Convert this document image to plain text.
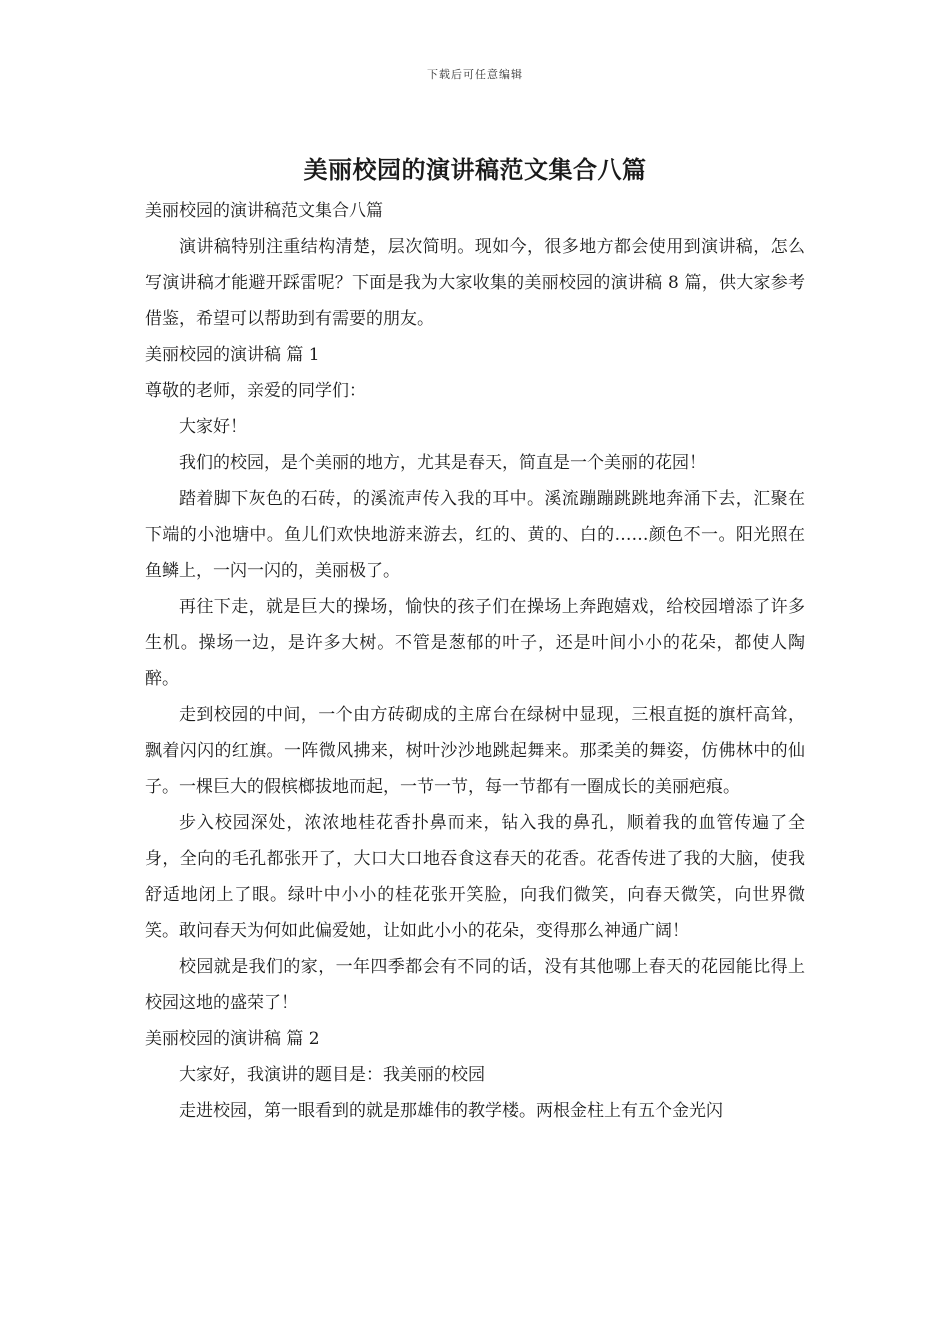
下载后可任意编辑
美丽校园的演讲稿范文集合八篇

美丽校园的演讲稿范文集合八篇

演讲稿特别注重结构清楚，层次简明。现如今，很多地方都会使用到演讲稿，怎么写演讲稿才能避开踩雷呢？下面是我为大家收集的美丽校园的演讲稿 8 篇，供大家参考借鉴，希望可以帮助到有需要的朋友。

美丽校园的演讲稿 篇 1

尊敬的老师，亲爱的同学们：

大家好！

我们的校园，是个美丽的地方，尤其是春天，简直是一个美丽的花园！

踏着脚下灰色的石砖，的溪流声传入我的耳中。溪流蹦蹦跳跳地奔涌下去，汇聚在下端的小池塘中。鱼儿们欢快地游来游去，红的、黄的、白的……颜色不一。阳光照在鱼鳞上，一闪一闪的，美丽极了。

再往下走，就是巨大的操场，愉快的孩子们在操场上奔跑嬉戏，给校园增添了许多生机。操场一边，是许多大树。不管是葱郁的叶子，还是叶间小小的花朵，都使人陶醉。

走到校园的中间，一个由方砖砌成的主席台在绿树中显现，三根直挺的旗杆高耸，飘着闪闪的红旗。一阵微风拂来，树叶沙沙地跳起舞来。那柔美的舞姿，仿佛林中的仙子。一棵巨大的假槟榔拔地而起，一节一节，每一节都有一圈成长的美丽疤痕。

步入校园深处，浓浓地桂花香扑鼻而来，钻入我的鼻孔，顺着我的血管传遍了全身，全向的毛孔都张开了，大口大口地吞食这春天的花香。花香传进了我的大脑，使我舒适地闭上了眼。绿叶中小小的桂花张开笑脸，向我们微笑，向春天微笑，向世界微笑。敢问春天为何如此偏爱她，让如此小小的花朵，变得那么神通广阔！

校园就是我们的家，一年四季都会有不同的话，没有其他哪上春天的花园能比得上校园这地的盛荣了！

美丽校园的演讲稿 篇 2

大家好，我演讲的题目是：我美丽的校园

走进校园，第一眼看到的就是那雄伟的教学楼。两根金柱上有五个金光闪
